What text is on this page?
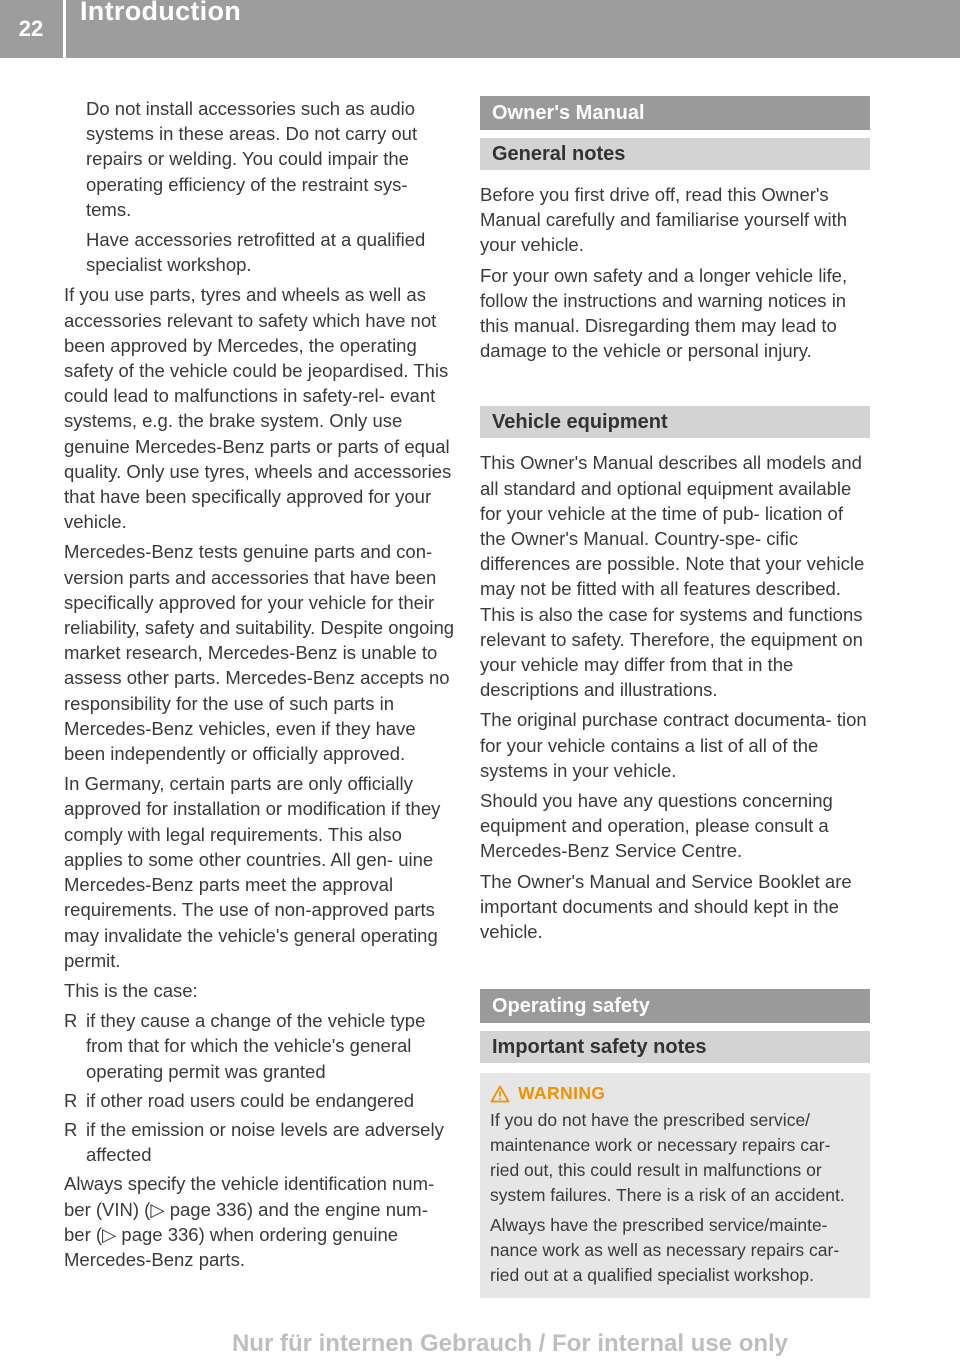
22
Introduction

Do not install accessories such as audio systems in these areas. Do not carry out repairs or welding. You could impair the operating efficiency of the restraint sys- tems.

Have accessories retrofitted at a qualified specialist workshop.

If you use parts, tyres and wheels as well as accessories relevant to safety which have not been approved by Mercedes, the operating safety of the vehicle could be jeopardised. This could lead to malfunctions in safety-rel- evant systems, e.g. the brake system. Only use genuine Mercedes-Benz parts or parts of equal quality. Only use tyres, wheels and accessories that have been specifically approved for your vehicle.

Mercedes-Benz tests genuine parts and con- version parts and accessories that have been specifically approved for your vehicle for their reliability, safety and suitability. Despite ongoing market research, Mercedes-Benz is unable to assess other parts. Mercedes-Benz accepts no responsibility for the use of such parts in Mercedes-Benz vehicles, even if they have been independently or officially approved.

In Germany, certain parts are only officially approved for installation or modification if they comply with legal requirements. This also applies to some other countries. All gen- uine Mercedes-Benz parts meet the approval requirements. The use of non-approved parts may invalidate the vehicle's general operating permit.

This is the case:

R if they cause a change of the vehicle type from that for which the vehicle's general operating permit was granted
R if other road users could be endangered
R if the emission or noise levels are adversely affected

Always specify the vehicle identification num- ber (VIN) (▷ page 336) and the engine num- ber (▷ page 336) when ordering genuine Mercedes-Benz parts.

Owner's Manual
General notes

Before you first drive off, read this Owner's Manual carefully and familiarise yourself with your vehicle.

For your own safety and a longer vehicle life, follow the instructions and warning notices in this manual. Disregarding them may lead to damage to the vehicle or personal injury.

Vehicle equipment

This Owner's Manual describes all models and all standard and optional equipment available for your vehicle at the time of pub- lication of the Owner's Manual. Country-spe- cific differences are possible. Note that your vehicle may not be fitted with all features described. This is also the case for systems and functions relevant to safety. Therefore, the equipment on your vehicle may differ from that in the descriptions and illustrations.

The original purchase contract documenta- tion for your vehicle contains a list of all of the systems in your vehicle.

Should you have any questions concerning equipment and operation, please consult a Mercedes-Benz Service Centre.

The Owner's Manual and Service Booklet are important documents and should kept in the vehicle.

Operating safety
Important safety notes
WARNING

If you do not have the prescribed service/ maintenance work or necessary repairs car- ried out, this could result in malfunctions or system failures. There is a risk of an accident.

Always have the prescribed service/mainte- nance work as well as necessary repairs car- ried out at a qualified specialist workshop.

Nur für internen Gebrauch / For internal use only
